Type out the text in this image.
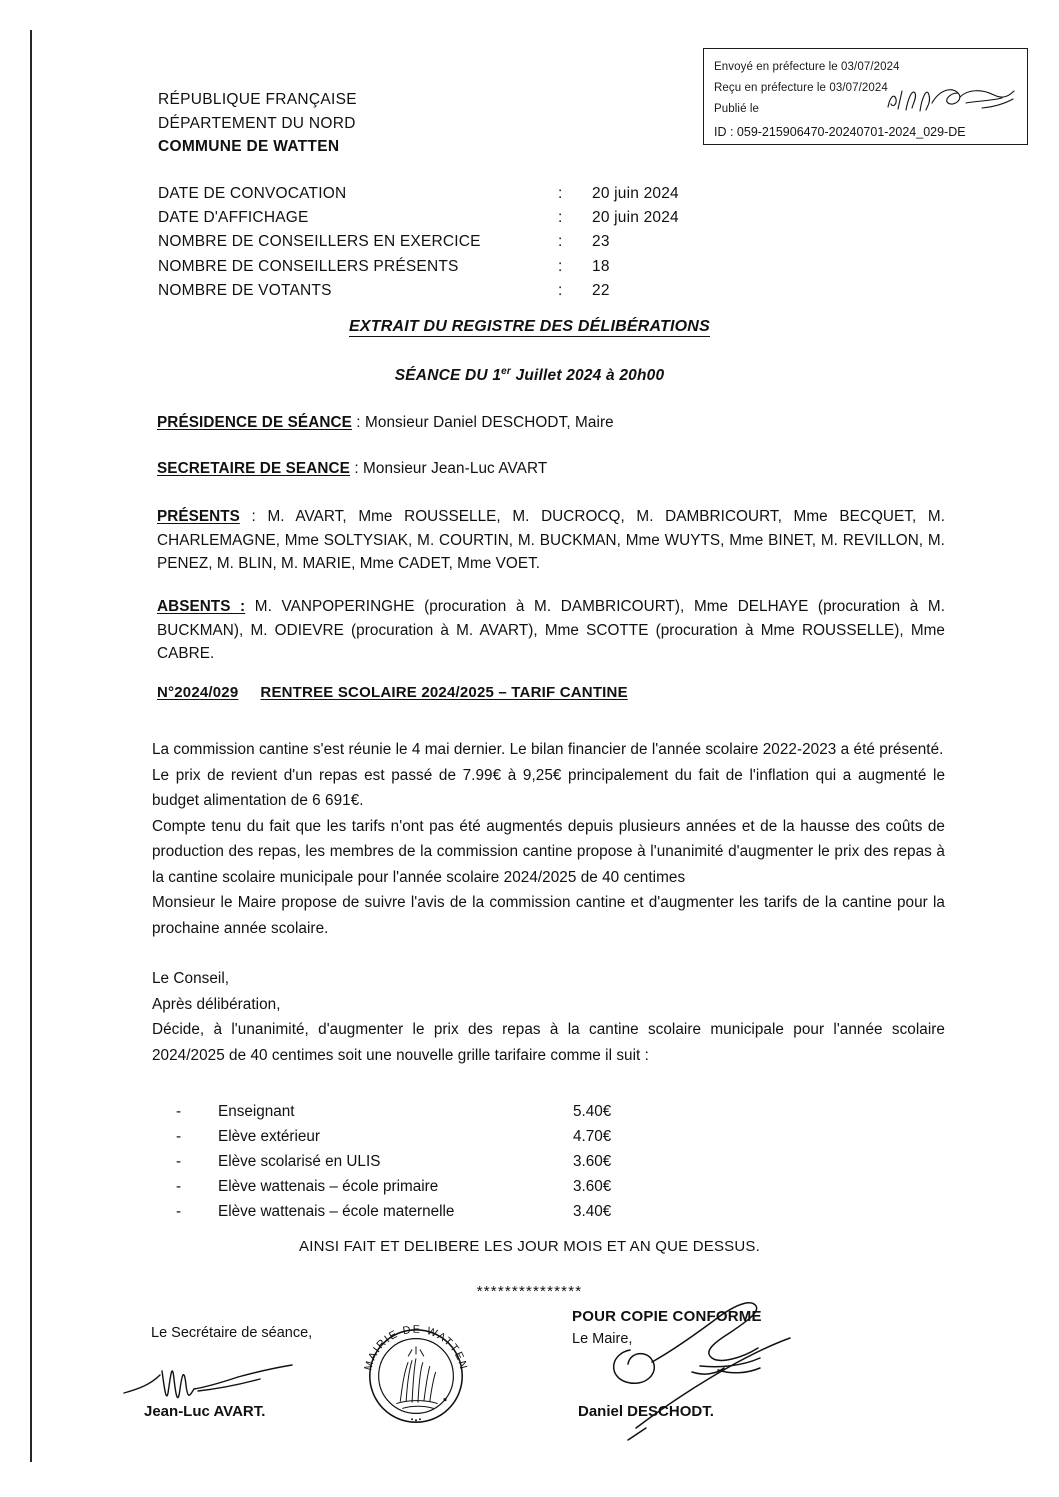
Envoyé en préfecture le 03/07/2024
Reçu en préfecture le 03/07/2024
Publié le
ID : 059-215906470-20240701-2024_029-DE
RÉPUBLIQUE FRANÇAISE
DÉPARTEMENT DU NORD
COMMUNE DE WATTEN
DATE DE CONVOCATION	:	20 juin 2024
DATE D'AFFICHAGE	:	20 juin 2024
NOMBRE DE CONSEILLERS EN EXERCICE	:	23
NOMBRE DE CONSEILLERS PRÉSENTS	:	18
NOMBRE DE VOTANTS	:	22
EXTRAIT DU REGISTRE DES DÉLIBÉRATIONS
SÉANCE DU 1er Juillet 2024 à 20h00
PRÉSIDENCE DE SÉANCE : Monsieur Daniel DESCHODT, Maire
SECRETAIRE DE SEANCE : Monsieur Jean-Luc AVART
PRÉSENTS : M. AVART, Mme ROUSSELLE, M. DUCROCQ, M. DAMBRICOURT, Mme BECQUET, M. CHARLEMAGNE, Mme SOLTYSIAK, M. COURTIN, M. BUCKMAN, Mme WUYTS, Mme BINET, M. REVILLON, M. PENEZ, M. BLIN, M. MARIE, Mme CADET, Mme VOET.
ABSENTS : M. VANPOPERINGHE (procuration à M. DAMBRICOURT), Mme DELHAYE (procuration à M. BUCKMAN), M. ODIEVRE (procuration à M. AVART), Mme SCOTTE (procuration à Mme ROUSSELLE), Mme CABRE.
N°2024/029 RENTREE SCOLAIRE 2024/2025 – TARIF CANTINE

La commission cantine s'est réunie le 4 mai dernier. Le bilan financier de l'année scolaire 2022-2023 a été présenté.

Le prix de revient d'un repas est passé de 7.99€ à 9,25€ principalement du fait de l'inflation qui a augmenté le budget alimentation de 6 691€.

Compte tenu du fait que les tarifs n'ont pas été augmentés depuis plusieurs années et de la hausse des coûts de production des repas, les membres de la commission cantine propose à l'unanimité d'augmenter le prix des repas à la cantine scolaire municipale pour l'année scolaire 2024/2025 de 40 centimes

Monsieur le Maire propose de suivre l'avis de la commission cantine et d'augmenter les tarifs de la cantine pour la prochaine année scolaire.

Le Conseil,

Après délibération,

Décide, à l'unanimité, d'augmenter le prix des repas à la cantine scolaire municipale pour l'année scolaire 2024/2025 de 40 centimes soit une nouvelle grille tarifaire comme il suit :

-	Enseignant	5.40€
-	Elève extérieur	4.70€
-	Elève scolarisé en ULIS	3.60€
-	Elève wattenais – école primaire	3.60€
-	Elève wattenais – école maternelle	3.40€
AINSI FAIT ET DELIBERE LES JOUR MOIS ET AN QUE DESSUS.
***************
Le Secrétaire de séance,
Jean-Luc AVART.
MAIRIE DE WATTEN
POUR COPIE CONFORME
Le Maire,
Daniel DESCHODT.
